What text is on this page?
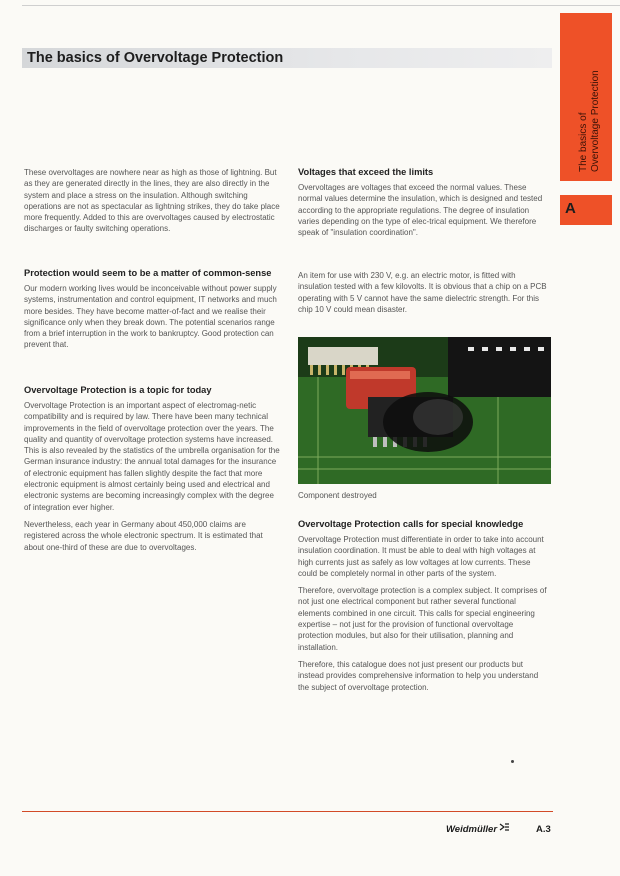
The basics of Overvoltage Protection
The basics of Overvoltage Protection
A

These overvoltages are nowhere near as high as those of lightning. But as they are generated directly in the lines, they are also directly in the system and place a stress on the insulation. Although switching operations are not as spectacular as lightning strikes, they do take place more frequently. Added to this are overvoltages caused by electrostatic discharges or faulty switching operations.

Protection would seem to be a matter of common-sense

Our modern working lives would be inconceivable without power supply systems, instrumentation and control equipment, IT networks and much more besides. They have become matter-of-fact and we realise their significance only when they break down. The potential scenarios range from a brief interruption in the work to bankruptcy. Good protection can prevent that.

Overvoltage Protection is a topic for today

Overvoltage Protection is an important aspect of electromag-netic compatibility and is required by law. There have been many technical improvements in the field of overvoltage protection over the years. The quality and quantity of overvoltage protection systems have increased. This is also revealed by the statistics of the umbrella organisation for the German insurance industry: the annual total damages for the insurance of electronic equipment has fallen slightly despite the fact that more electronic equipment is almost certainly being used and electrical and electronic systems are becoming increasingly complex with the degree of integration ever higher.

Nevertheless, each year in Germany about 450,000 claims are registered across the whole electronic spectrum. It is estimated that about one-third of these are due to overvoltages.

Voltages that exceed the limits

Overvoltages are voltages that exceed the normal values. These normal values determine the insulation, which is designed and tested according to the appropriate regulations. The degree of insulation varies depending on the type of elec-trical equipment. We therefore speak of "insulation coordination".

An item for use with 230 V, e.g. an electric motor, is fitted with insulation tested with a few kilovolts. It is obvious that a chip on a PCB operating with 5 V cannot have the same dielectric strength. For this chip 10 V could mean disaster.

Component destroyed
Overvoltage Protection calls for special knowledge

Overvoltage Protection must differentiate in order to take into account insulation coordination. It must be able to deal with high voltages at high currents just as safely as low voltages at low currents. These could be completely normal in other parts of the system.

Therefore, overvoltage protection is a complex subject. It comprises of not just one electrical component but rather several functional elements combined in one circuit. This calls for special engineering expertise – not just for the provision of functional overvoltage protection modules, but also for their utilisation, planning and installation.

Therefore, this catalogue does not just present our products but instead provides comprehensive information to help you understand the subject of overvoltage protection.

Weidmüller	A.3
